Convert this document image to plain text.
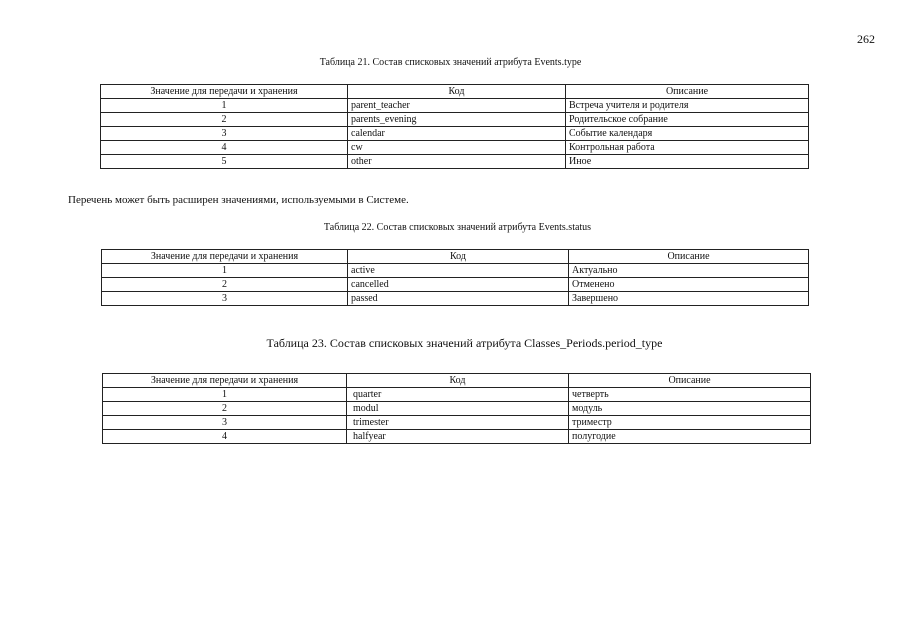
262
Таблица 21. Состав списковых значений атрибута Events.type
Значение для передачи и хранения	Код	Описание
1	parent_teacher	Встреча учителя и родителя
2	parents_evening	Родительское собрание
3	calendar	Событие календаря
4	cw	Контрольная работа
5	other	Иное
Перечень может быть расширен значениями, используемыми в Системе.
Таблица 22. Состав списковых значений атрибута Events.status
Значение для передачи и хранения	Код	Описание
1	active	Актуально
2	cancelled	Отменено
3	passed	Завершено
Таблица 23. Состав списковых значений атрибута Classes_Periods.period_type
Значение для передачи и хранения	Код	Описание
1	quarter	четверть
2	modul	модуль
3	trimester	триместр
4	halfyear	полугодие
